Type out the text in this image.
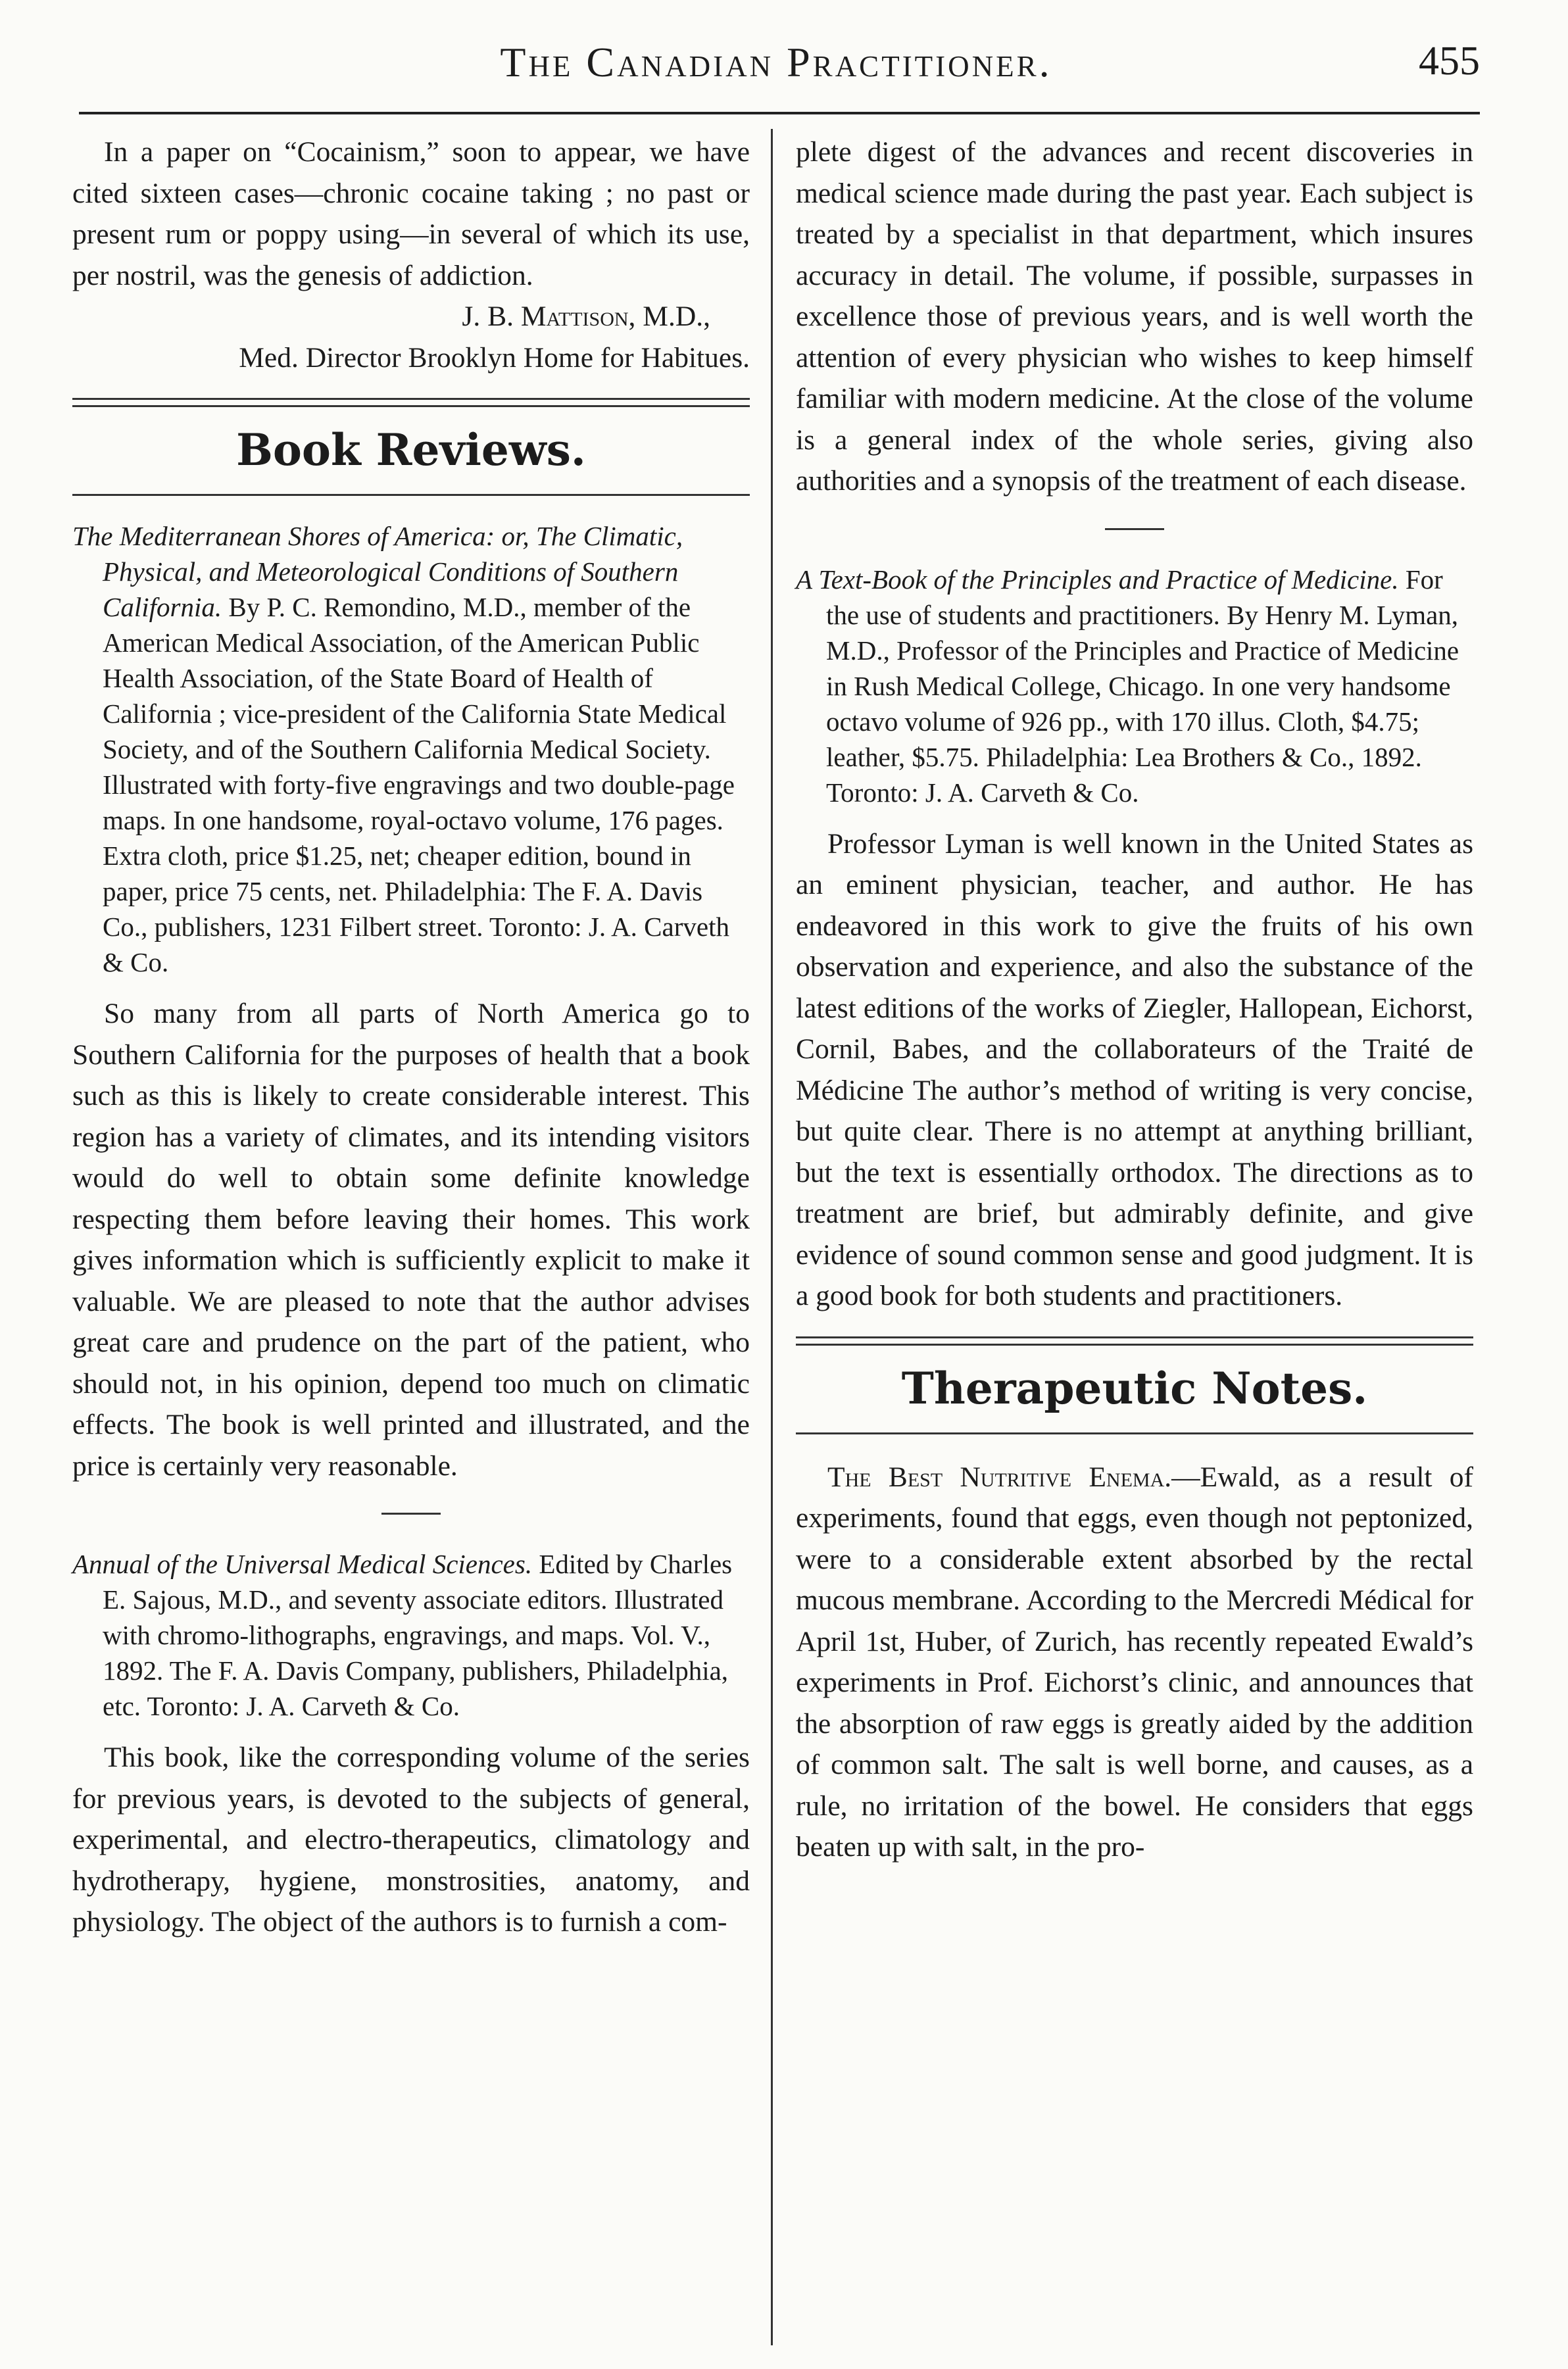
The Canadian Practitioner.	455

In a paper on “Cocainism,” soon to appear, we have cited sixteen cases—chronic cocaine taking ; no past or present rum or poppy using—in several of which its use, per nostril, was the genesis of addiction.

J. B. Mattison, M.D.,

Med. Director Brooklyn Home for Habitues.

Book Reviews.

The Mediterranean Shores of America: or, The Climatic, Physical, and Meteorological Conditions of Southern California. By P. C. Remondino, M.D., member of the American Medical Association, of the American Public Health Association, of the State Board of Health of California ; vice-president of the California State Medical Society, and of the Southern California Medical Society. Illustrated with forty-five engravings and two double-page maps. In one handsome, royal-octavo volume, 176 pages. Extra cloth, price $1.25, net; cheaper edition, bound in paper, price 75 cents, net. Philadelphia: The F. A. Davis Co., publishers, 1231 Filbert street. Toronto: J. A. Carveth & Co.

So many from all parts of North America go to Southern California for the purposes of health that a book such as this is likely to create considerable interest. This region has a variety of climates, and its intending visitors would do well to obtain some definite knowledge respecting them before leaving their homes. This work gives information which is sufficiently explicit to make it valuable. We are pleased to note that the author advises great care and prudence on the part of the patient, who should not, in his opinion, depend too much on climatic effects. The book is well printed and illustrated, and the price is certainly very reasonable.

Annual of the Universal Medical Sciences. Edited by Charles E. Sajous, M.D., and seventy associate editors. Illustrated with chromo-lithographs, engravings, and maps. Vol. V., 1892. The F. A. Davis Company, publishers, Philadelphia, etc. Toronto: J. A. Carveth & Co.

This book, like the corresponding volume of the series for previous years, is devoted to the subjects of general, experimental, and electro-therapeutics, climatology and hydrotherapy, hygiene, monstrosities, anatomy, and physiology. The object of the authors is to furnish a com-

plete digest of the advances and recent discoveries in medical science made during the past year. Each subject is treated by a specialist in that department, which insures accuracy in detail. The volume, if possible, surpasses in excellence those of previous years, and is well worth the attention of every physician who wishes to keep himself familiar with modern medicine. At the close of the volume is a general index of the whole series, giving also authorities and a synopsis of the treatment of each disease.

A Text-Book of the Principles and Practice of Medicine. For the use of students and practitioners. By Henry M. Lyman, M.D., Professor of the Principles and Practice of Medicine in Rush Medical College, Chicago. In one very handsome octavo volume of 926 pp., with 170 illus. Cloth, $4.75; leather, $5.75. Philadelphia: Lea Brothers & Co., 1892. Toronto: J. A. Carveth & Co.

Professor Lyman is well known in the United States as an eminent physician, teacher, and author. He has endeavored in this work to give the fruits of his own observation and experience, and also the substance of the latest editions of the works of Ziegler, Hallopean, Eichorst, Cornil, Babes, and the collaborateurs of the Traité de Médicine The author’s method of writing is very concise, but quite clear. There is no attempt at anything brilliant, but the text is essentially orthodox. The directions as to treatment are brief, but admirably definite, and give evidence of sound common sense and good judgment. It is a good book for both students and practitioners.

Therapeutic Notes.

The Best Nutritive Enema.—Ewald, as a result of experiments, found that eggs, even though not peptonized, were to a considerable extent absorbed by the rectal mucous membrane. According to the Mercredi Médical for April 1st, Huber, of Zurich, has recently repeated Ewald’s experiments in Prof. Eichorst’s clinic, and announces that the absorption of raw eggs is greatly aided by the addition of common salt. The salt is well borne, and causes, as a rule, no irritation of the bowel. He considers that eggs beaten up with salt, in the pro-
